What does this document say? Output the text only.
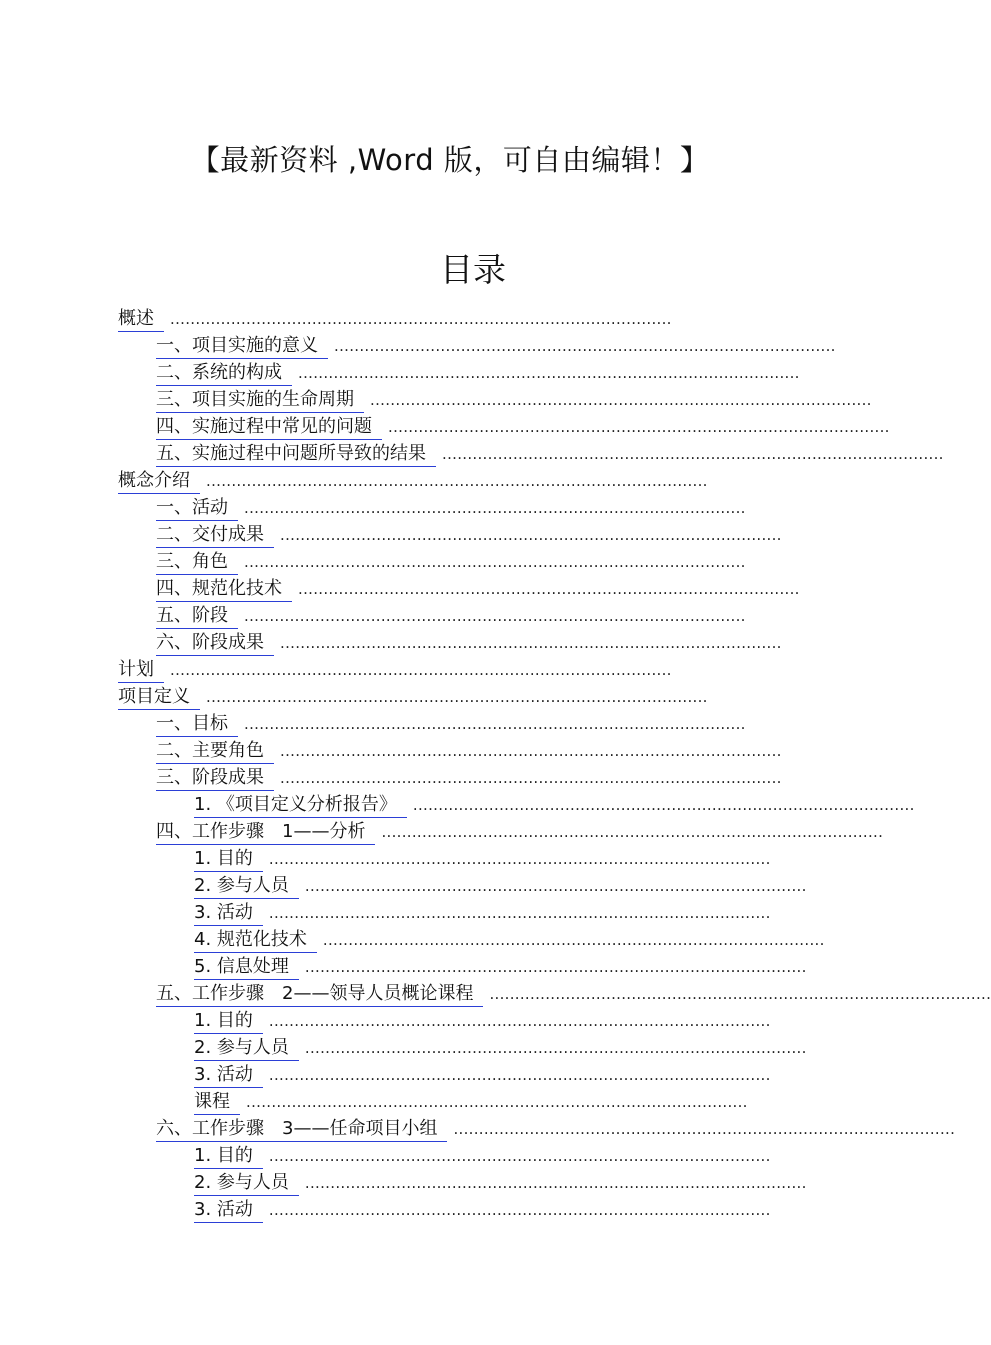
【最新资料 ,Word 版，可自由编辑！】
目录
概述 ...................................................................................................
一、项目实施的意义 ...................................................................................................
二、系统的构成 ...................................................................................................
三、项目实施的生命周期 ...................................................................................................
四、实施过程中常见的问题 ...................................................................................................
五、实施过程中问题所导致的结果 ...................................................................................................
概念介绍 ...................................................................................................
一、活动 ...................................................................................................
二、交付成果 ...................................................................................................
三、角色 ...................................................................................................
四、规范化技术 ...................................................................................................
五、阶段 ...................................................................................................
六、阶段成果 ...................................................................................................
计划 ...................................................................................................
项目定义 ...................................................................................................
一、目标 ...................................................................................................
二、主要角色 ...................................................................................................
三、阶段成果 ...................................................................................................
1. 《项目定义分析报告》 ...................................................................................................
四、工作步骤　1——分析 ...................................................................................................
1. 目的 ...................................................................................................
2. 参与人员 ...................................................................................................
3. 活动 ...................................................................................................
4. 规范化技术 ...................................................................................................
5. 信息处理 ...................................................................................................
五、工作步骤　2——领导人员概论课程 ...................................................................................................
1. 目的 ...................................................................................................
2. 参与人员 ...................................................................................................
3. 活动 ...................................................................................................
课程 ...................................................................................................
六、工作步骤　3——任命项目小组 ...................................................................................................
1. 目的 ...................................................................................................
2. 参与人员 ...................................................................................................
3. 活动 ...................................................................................................
